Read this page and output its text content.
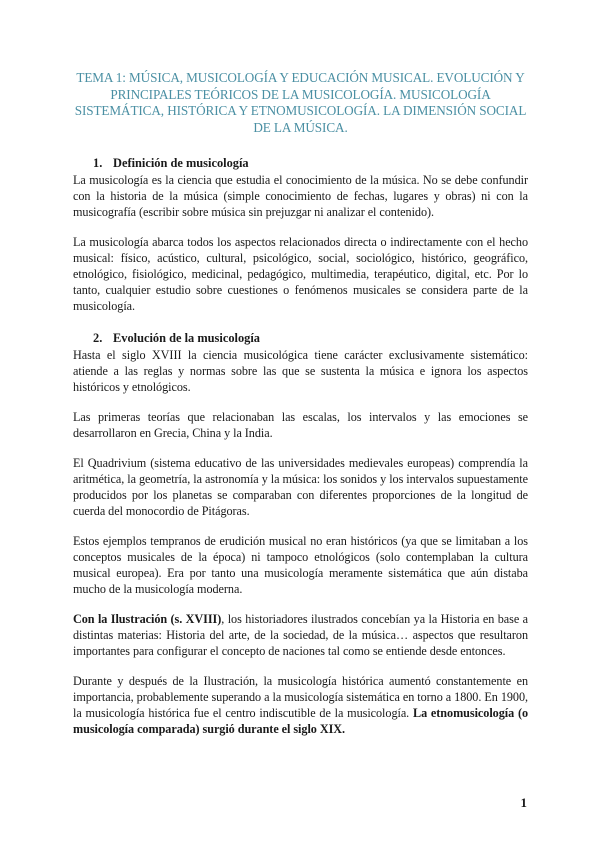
TEMA 1: MÚSICA, MUSICOLOGÍA Y EDUCACIÓN MUSICAL. EVOLUCIÓN Y PRINCIPALES TEÓRICOS DE LA MUSICOLOGÍA. MUSICOLOGÍA SISTEMÁTICA, HISTÓRICA Y ETNOMUSICOLOGÍA. LA DIMENSIÓN SOCIAL DE LA MÚSICA.
1. Definición de musicología

La musicología es la ciencia que estudia el conocimiento de la música. No se debe confundir con la historia de la música (simple conocimiento de fechas, lugares y obras) ni con la musicografía (escribir sobre música sin prejuzgar ni analizar el contenido).

La musicología abarca todos los aspectos relacionados directa o indirectamente con el hecho musical: físico, acústico, cultural, psicológico, social, sociológico, histórico, geográfico, etnológico, fisiológico, medicinal, pedagógico, multimedia, terapéutico, digital, etc. Por lo tanto, cualquier estudio sobre cuestiones o fenómenos musicales se considera parte de la musicología.

2. Evolución de la musicología

Hasta el siglo XVIII la ciencia musicológica tiene carácter exclusivamente sistemático: atiende a las reglas y normas sobre las que se sustenta la música e ignora los aspectos históricos y etnológicos.

Las primeras teorías que relacionaban las escalas, los intervalos y las emociones se desarrollaron en Grecia, China y la India.

El Quadrivium (sistema educativo de las universidades medievales europeas) comprendía la aritmética, la geometría, la astronomía y la música: los sonidos y los intervalos supuestamente producidos por los planetas se comparaban con diferentes proporciones de la longitud de cuerda del monocordio de Pitágoras.

Estos ejemplos tempranos de erudición musical no eran históricos (ya que se limitaban a los conceptos musicales de la época) ni tampoco etnológicos (solo contemplaban la cultura musical europea). Era por tanto una musicología meramente sistemática que aún distaba mucho de la musicología moderna.

Con la Ilustración (s. XVIII), los historiadores ilustrados concebían ya la Historia en base a distintas materias: Historia del arte, de la sociedad, de la música… aspectos que resultaron importantes para configurar el concepto de naciones tal como se entiende desde entonces.

Durante y después de la Ilustración, la musicología histórica aumentó constantemente en importancia, probablemente superando a la musicología sistemática en torno a 1800. En 1900, la musicología histórica fue el centro indiscutible de la musicología. La etnomusicología (o musicología comparada) surgió durante el siglo XIX.

1
